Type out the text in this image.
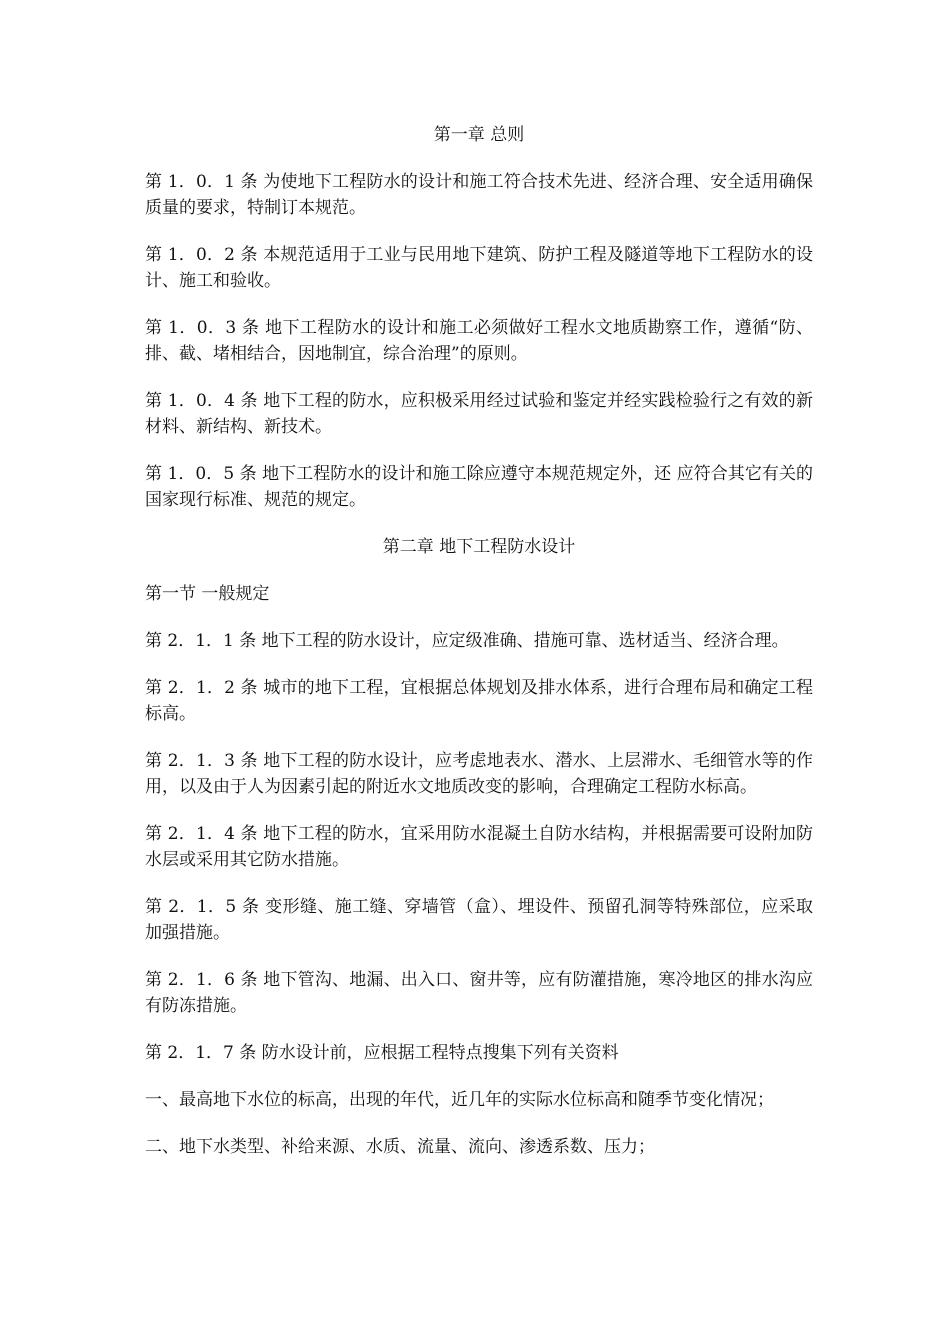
第一章 总则

第 1．0．1 条 为使地下工程防水的设计和施工符合技术先进、经济合理、安全适用确保质量的要求，特制订本规范。

第 1．0．2 条 本规范适用于工业与民用地下建筑、防护工程及隧道等地下工程防水的设计、施工和验收。

第 1．0．3 条 地下工程防水的设计和施工必须做好工程水文地质勘察工作，遵循“防、排、截、堵相结合，因地制宜，综合治理”的原则。

第 1．0．4 条 地下工程的防水，应积极采用经过试验和鉴定并经实践检验行之有效的新材料、新结构、新技术。

第 1．0．5 条 地下工程防水的设计和施工除应遵守本规范规定外，还 应符合其它有关的国家现行标准、规范的规定。

第二章 地下工程防水设计
第一节 一般规定

第 2．1．1 条 地下工程的防水设计，应定级准确、措施可靠、选材适当、经济合理。

第 2．1．2 条 城市的地下工程，宜根据总体规划及排水体系，进行合理布局和确定工程标高。

第 2．1．3 条 地下工程的防水设计，应考虑地表水、潜水、上层滞水、毛细管水等的作用，以及由于人为因素引起的附近水文地质改变的影响，合理确定工程防水标高。

第 2．1．4 条 地下工程的防水，宜采用防水混凝土自防水结构，并根据需要可设附加防水层或采用其它防水措施。

第 2．1．5 条 变形缝、施工缝、穿墙管（盒）、埋设件、预留孔洞等特殊部位，应采取加强措施。

第 2．1．6 条 地下管沟、地漏、出入口、窗井等，应有防灌措施，寒冷地区的排水沟应有防冻措施。

第 2．1．7 条 防水设计前，应根据工程特点搜集下列有关资料

一、最高地下水位的标高，出现的年代，近几年的实际水位标高和随季节变化情况；

二、地下水类型、补给来源、水质、流量、流向、渗透系数、压力；
